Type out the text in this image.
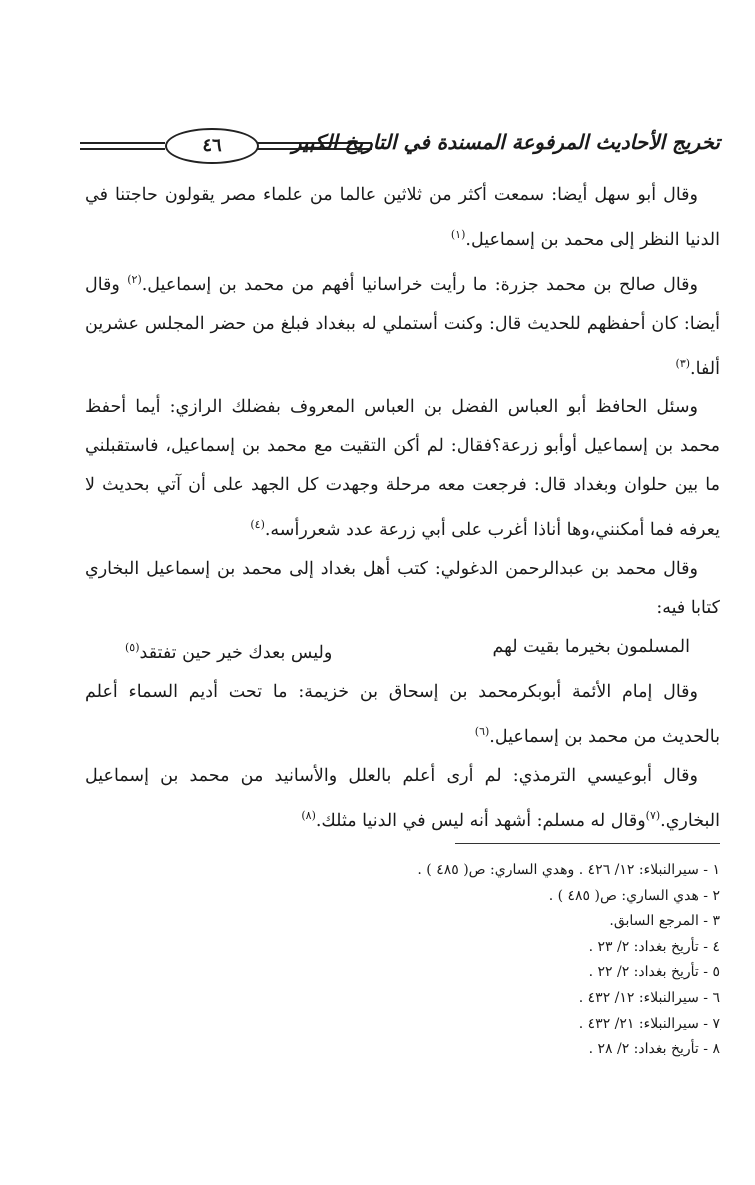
٤٦	تخريج الأحاديث المرفوعة المسندة في التاريخ الكبير

وقال أبو سهل أيضا: سمعت أكثر من ثلاثين عالما من علماء مصر يقولون حاجتنا في الدنيا النظر إلى محمد بن إسماعيل.$^{(١)}$

وقال صالح بن محمد جزرة: ما رأيت خراسانيا أفهم من محمد بن إسماعيل.$^{(٢)}$ وقال أيضا: كان أحفظهم للحديث قال: وكنت أستملي له ببغداد فبلغ من حضر المجلس عشرين ألفا.$^{(٣)}$

وسئل الحافظ أبو العباس الفضل بن العباس المعروف بفضلك الرازي: أيما أحفظ محمد بن إسماعيل أوأبو زرعة؟فقال: لم أكن التقيت مع محمد بن إسماعيل، فاستقبلني ما بين حلوان وبغداد قال: فرجعت معه مرحلة وجهدت كل الجهد على أن آتي بحديث لا يعرفه فما أمكنني،وها أناذا أغرب على أبي زرعة عدد شعررأسه.$^{(٤)}$

وقال محمد بن عبدالرحمن الدغولي: كتب أهل بغداد إلى محمد بن إسماعيل البخاري كتابا فيه:

المسلمون بخيرما بقيت لهم
وليس بعدك خير حين تفتقد$^{(٥)}$

وقال إمام الأئمة أبوبكرمحمد بن إسحاق بن خزيمة: ما تحت أديم السماء أعلم بالحديث من محمد بن إسماعيل.$^{(٦)}$

وقال أبوعيسي الترمذي: لم أرى أعلم بالعلل والأسانيد من محمد بن إسماعيل البخاري.$^{(٧)}$وقال له مسلم: أشهد أنه ليس في الدنيا مثلك.$^{(٨)}$

١ - سيرالنبلاء: ١٢/ ٤٢٦ . وهدي الساري: ص( ٤٨٥ ) .
٢ - هدي الساري: ص( ٤٨٥ ) .
٣ - المرجع السابق.
٤ - تأريخ بغداد: ٢/ ٢٣ .
٥ - تأريخ بغداد: ٢/ ٢٢ .
٦ - سيرالنبلاء: ١٢/ ٤٣٢ .
٧ - سيرالنبلاء: ٢١/ ٤٣٢ .
٨ - تأريخ بغداد: ٢/ ٢٨ .
